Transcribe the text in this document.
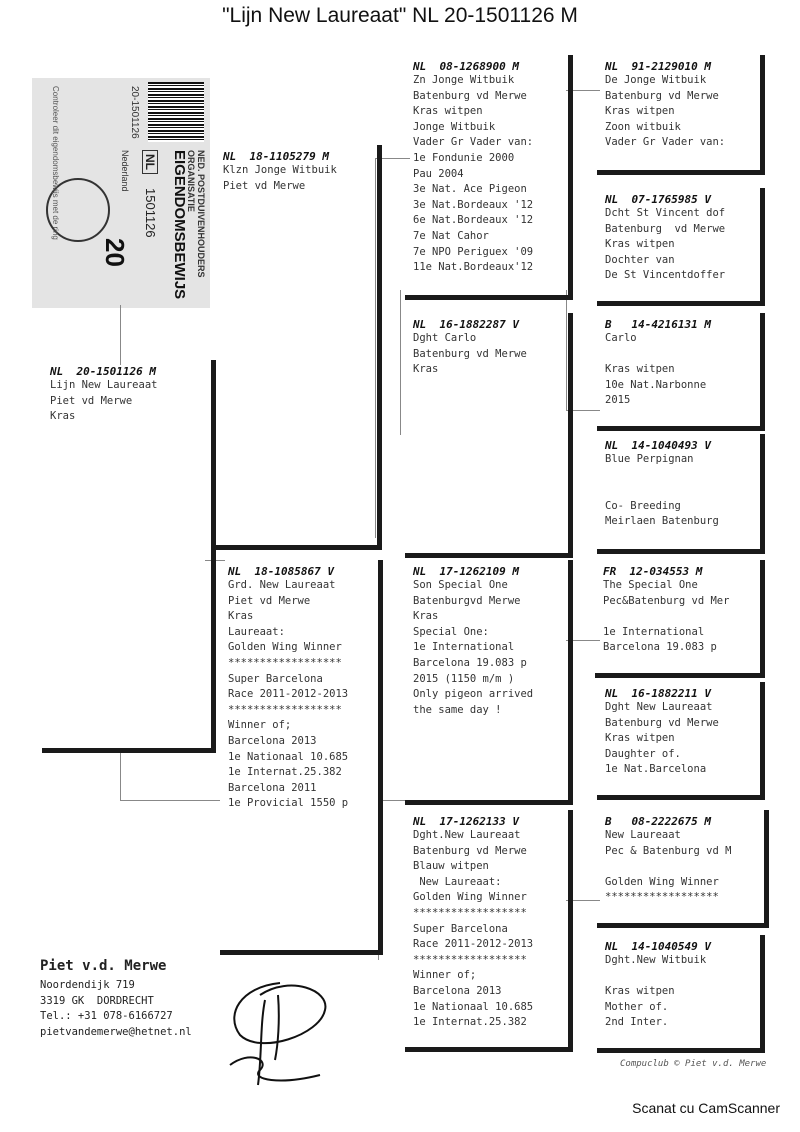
"Lijn New Laureaat" NL 20-1501126 M
20-1501126
NED. POSTDUIVENHOUDERS ORGANISATIE
EIGENDOMSBEWIJS
NL
1501126
Nederland
20
Controleer dit eigendomsbewijs met de ring
NL  20-1501126 M
Lijn New Laureaat
Piet vd Merwe
Kras
NL  18-1105279 M
Klzn Jonge Witbuik
Piet vd Merwe
NL  18-1085867 V
Grd. New Laureaat
Piet vd Merwe
Kras
Laureaat:
Golden Wing Winner
******************
Super Barcelona
Race 2011-2012-2013
******************
Winner of;
Barcelona 2013
1e Nationaal 10.685
1e Internat.25.382
Barcelona 2011
1e Provicial 1550 p
NL  08-1268900 M
Zn Jonge Witbuik
Batenburg vd Merwe
Kras witpen
Jonge Witbuik
Vader Gr Vader van:
1e Fondunie 2000
Pau 2004
3e Nat. Ace Pigeon
3e Nat.Bordeaux '12
6e Nat.Bordeaux '12
7e Nat Cahor
7e NPO Periguex '09
11e Nat.Bordeaux'12
NL  16-1882287 V
Dght Carlo
Batenburg vd Merwe
Kras
NL  17-1262109 M
Son Special One
Batenburgvd Merwe
Kras
Special One:
1e International
Barcelona 19.083 p
2015 (1150 m/m )
Only pigeon arrived
the same day !
NL  17-1262133 V
Dght.New Laureaat
Batenburg vd Merwe
Blauw witpen
New Laureaat:
Golden Wing Winner
******************
Super Barcelona
Race 2011-2012-2013
******************
Winner of;
Barcelona 2013
1e Nationaal 10.685
1e Internat.25.382
NL  91-2129010 M
De Jonge Witbuik
Batenburg vd Merwe
Kras witpen
Zoon witbuik
Vader Gr Vader van:
NL  07-1765985 V
Dcht St Vincent dof
Batenburg  vd Merwe
Kras witpen
Dochter van
De St Vincentdoffer
B   14-4216131 M
Carlo

Kras witpen
10e Nat.Narbonne
2015
NL  14-1040493 V
Blue Perpignan

Co- Breeding
Meirlaen Batenburg
FR  12-034553 M
The Special One
Pec&Batenburg vd Mer

1e International
Barcelona 19.083 p
NL  16-1882211 V
Dght New Laureaat
Batenburg vd Merwe
Kras witpen
Daughter of.
1e Nat.Barcelona
B   08-2222675 M
New Laureaat
Pec & Batenburg vd M

Golden Wing Winner
******************
NL  14-1040549 V
Dght.New Witbuik

Kras witpen
Mother of.
2nd Inter.
Piet v.d. Merwe
Noordendijk 719
3319 GK  DORDRECHT
Tel.: +31 078-6166727
pietvandemerwe@hetnet.nl
Compuclub © Piet v.d. Merwe
Scanat cu CamScanner
